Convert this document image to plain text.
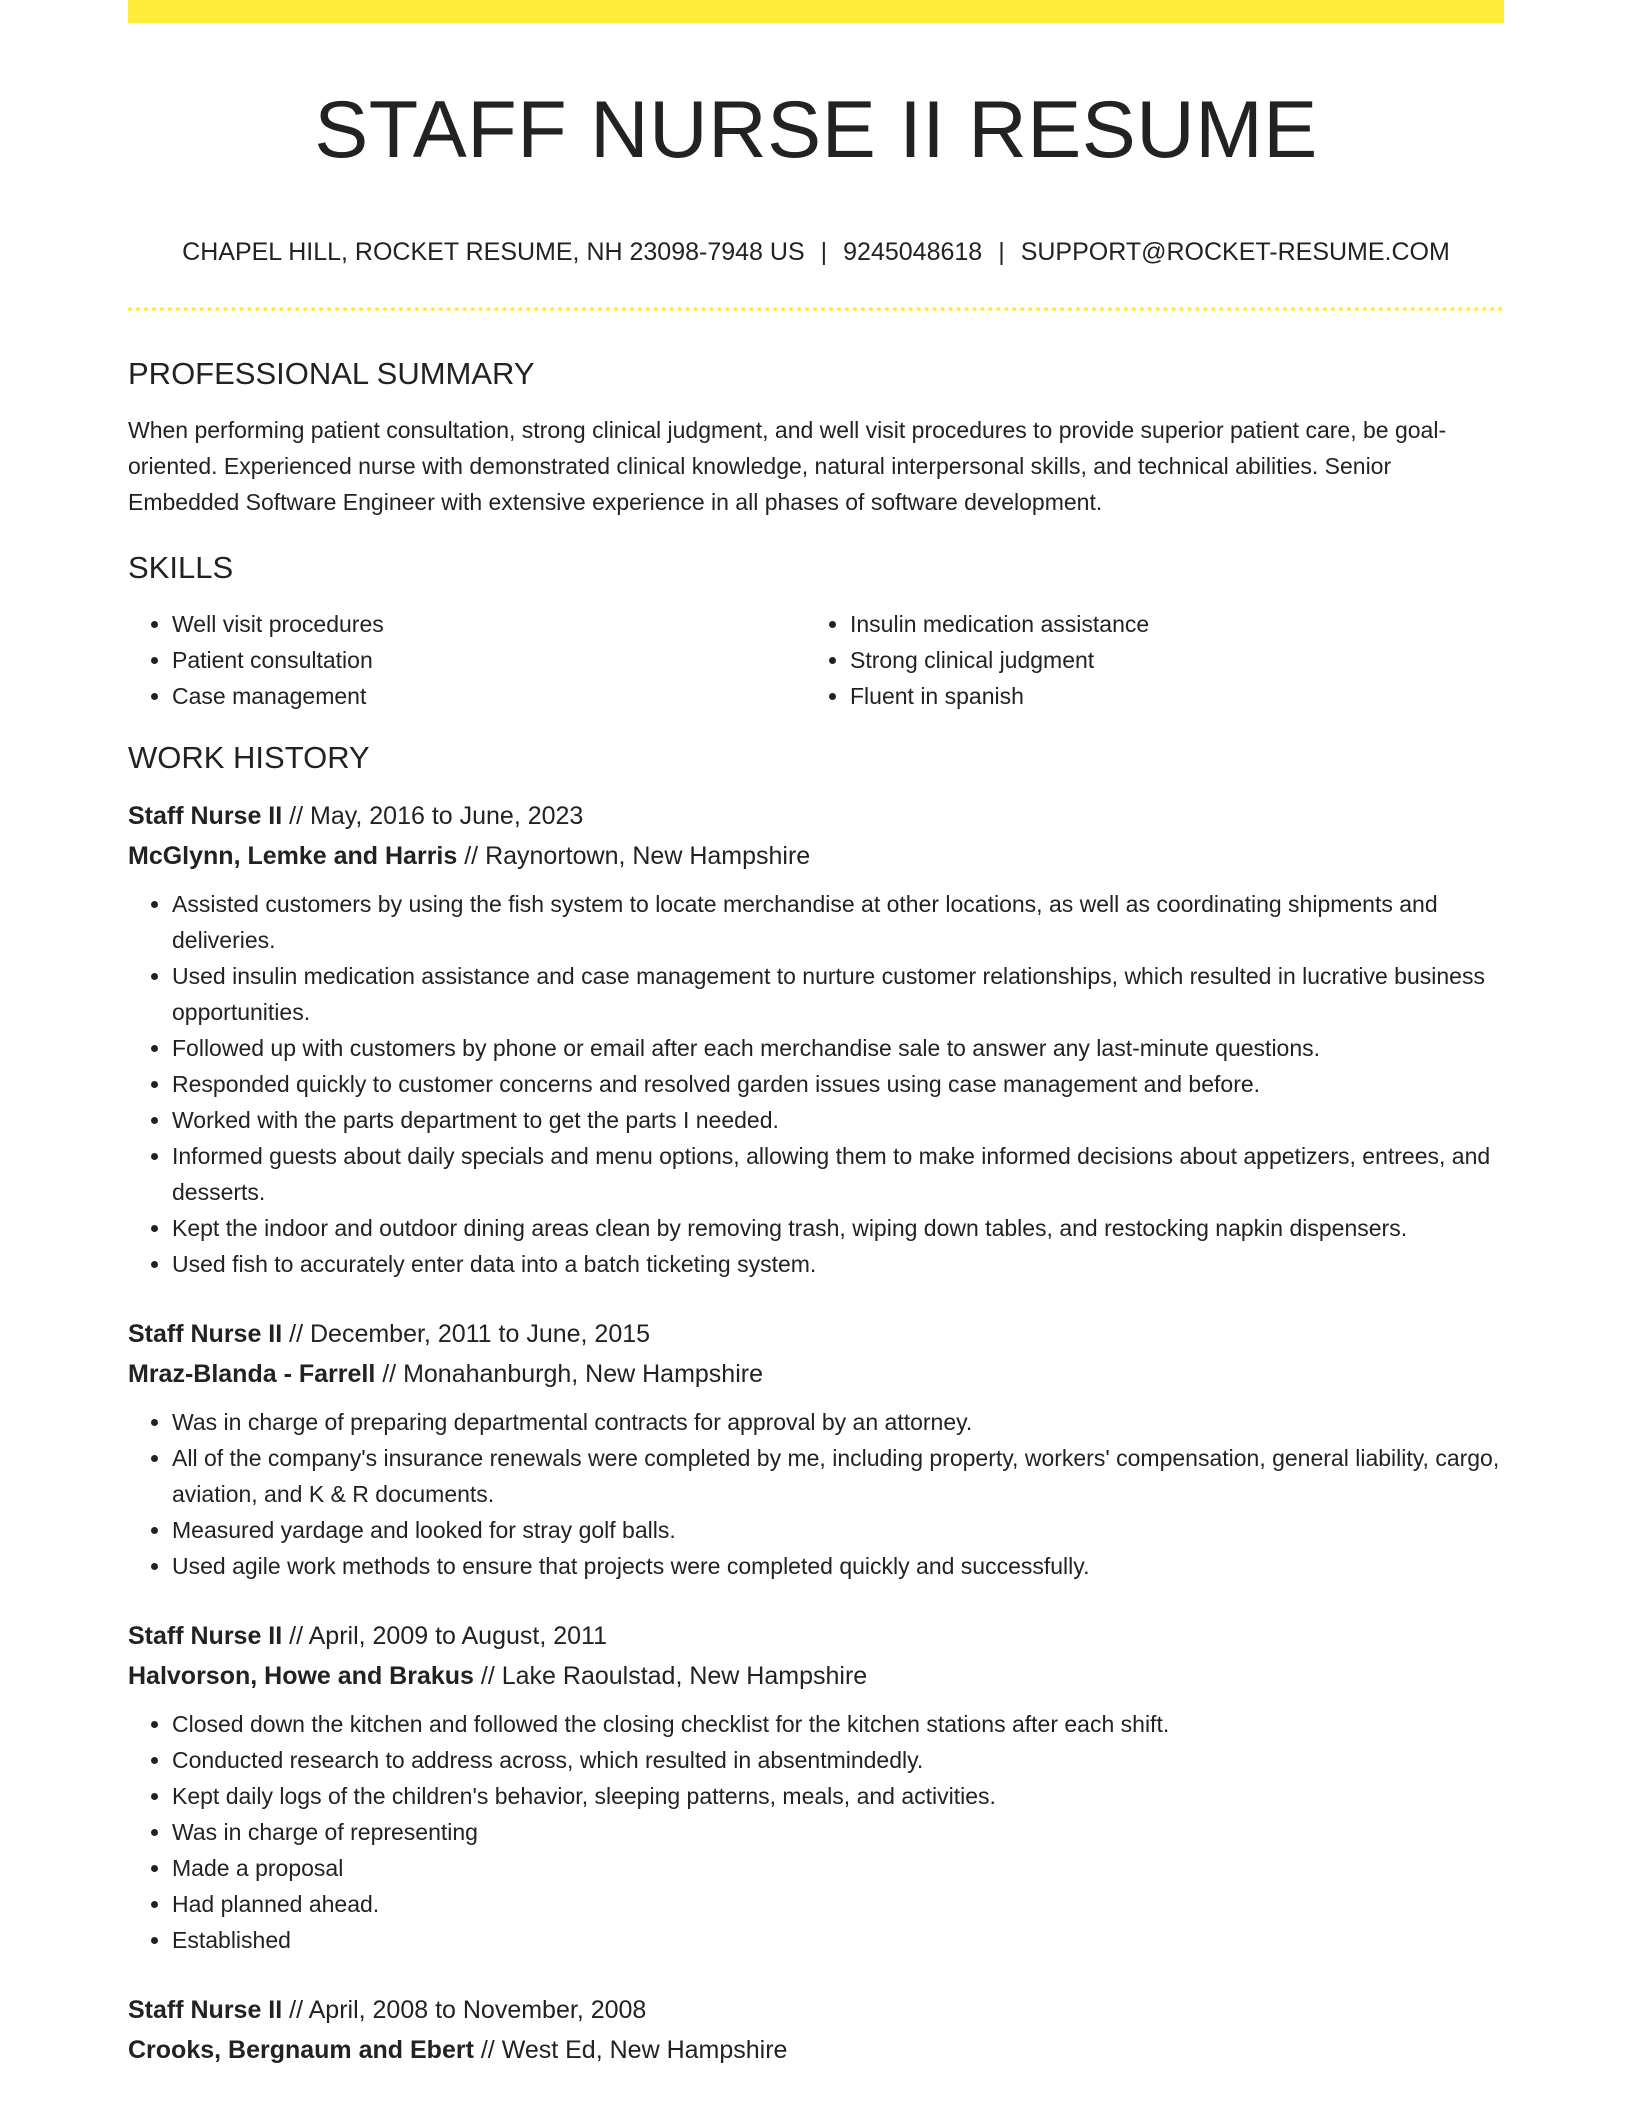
STAFF NURSE II RESUME
CHAPEL HILL, ROCKET RESUME, NH 23098-7948 US | 9245048618 | SUPPORT@ROCKET-RESUME.COM
PROFESSIONAL SUMMARY

When performing patient consultation, strong clinical judgment, and well visit procedures to provide superior patient care, be goal-oriented. Experienced nurse with demonstrated clinical knowledge, natural interpersonal skills, and technical abilities. Senior Embedded Software Engineer with extensive experience in all phases of software development.

SKILLS
• Well visit procedures
• Patient consultation
• Case management
• Insulin medication assistance
• Strong clinical judgment
• Fluent in spanish
WORK HISTORY

Staff Nurse II // May, 2016 to June, 2023

McGlynn, Lemke and Harris // Raynortown, New Hampshire

• Assisted customers by using the fish system to locate merchandise at other locations, as well as coordinating shipments and deliveries.
• Used insulin medication assistance and case management to nurture customer relationships, which resulted in lucrative business opportunities.
• Followed up with customers by phone or email after each merchandise sale to answer any last-minute questions.
• Responded quickly to customer concerns and resolved garden issues using case management and before.
• Worked with the parts department to get the parts I needed.
• Informed guests about daily specials and menu options, allowing them to make informed decisions about appetizers, entrees, and desserts.
• Kept the indoor and outdoor dining areas clean by removing trash, wiping down tables, and restocking napkin dispensers.
• Used fish to accurately enter data into a batch ticketing system.

Staff Nurse II // December, 2011 to June, 2015

Mraz-Blanda - Farrell // Monahanburgh, New Hampshire

• Was in charge of preparing departmental contracts for approval by an attorney.
• All of the company's insurance renewals were completed by me, including property, workers' compensation, general liability, cargo, aviation, and K & R documents.
• Measured yardage and looked for stray golf balls.
• Used agile work methods to ensure that projects were completed quickly and successfully.

Staff Nurse II // April, 2009 to August, 2011

Halvorson, Howe and Brakus // Lake Raoulstad, New Hampshire

• Closed down the kitchen and followed the closing checklist for the kitchen stations after each shift.
• Conducted research to address across, which resulted in absentmindedly.
• Kept daily logs of the children's behavior, sleeping patterns, meals, and activities.
• Was in charge of representing
• Made a proposal
• Had planned ahead.
• Established

Staff Nurse II // April, 2008 to November, 2008

Crooks, Bergnaum and Ebert // West Ed, New Hampshire
